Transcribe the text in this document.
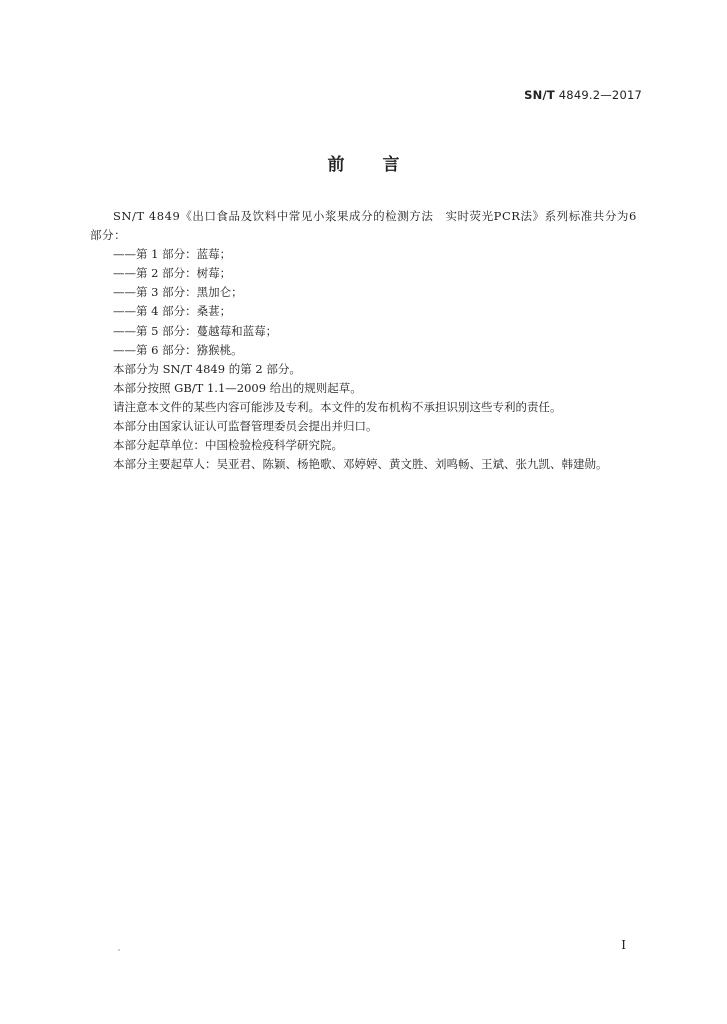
SN/T 4849.2—2017
前言

SN/T 4849《出口食品及饮料中常见小浆果成分的检测方法　实时荧光PCR法》系列标准共分为6部分：

——第 1 部分：蓝莓；

——第 2 部分：树莓；

——第 3 部分：黑加仑；

——第 4 部分：桑葚；

——第 5 部分：蔓越莓和蓝莓；

——第 6 部分：猕猴桃。

本部分为 SN/T 4849 的第 2 部分。

本部分按照 GB/T 1.1—2009 给出的规则起草。

请注意本文件的某些内容可能涉及专利。本文件的发布机构不承担识别这些专利的责任。

本部分由国家认证认可监督管理委员会提出并归口。

本部分起草单位：中国检验检疫科学研究院。

本部分主要起草人：吴亚君、陈颖、杨艳歌、邓婷婷、黄文胜、刘鸣畅、王斌、张九凯、韩建勋。

I
